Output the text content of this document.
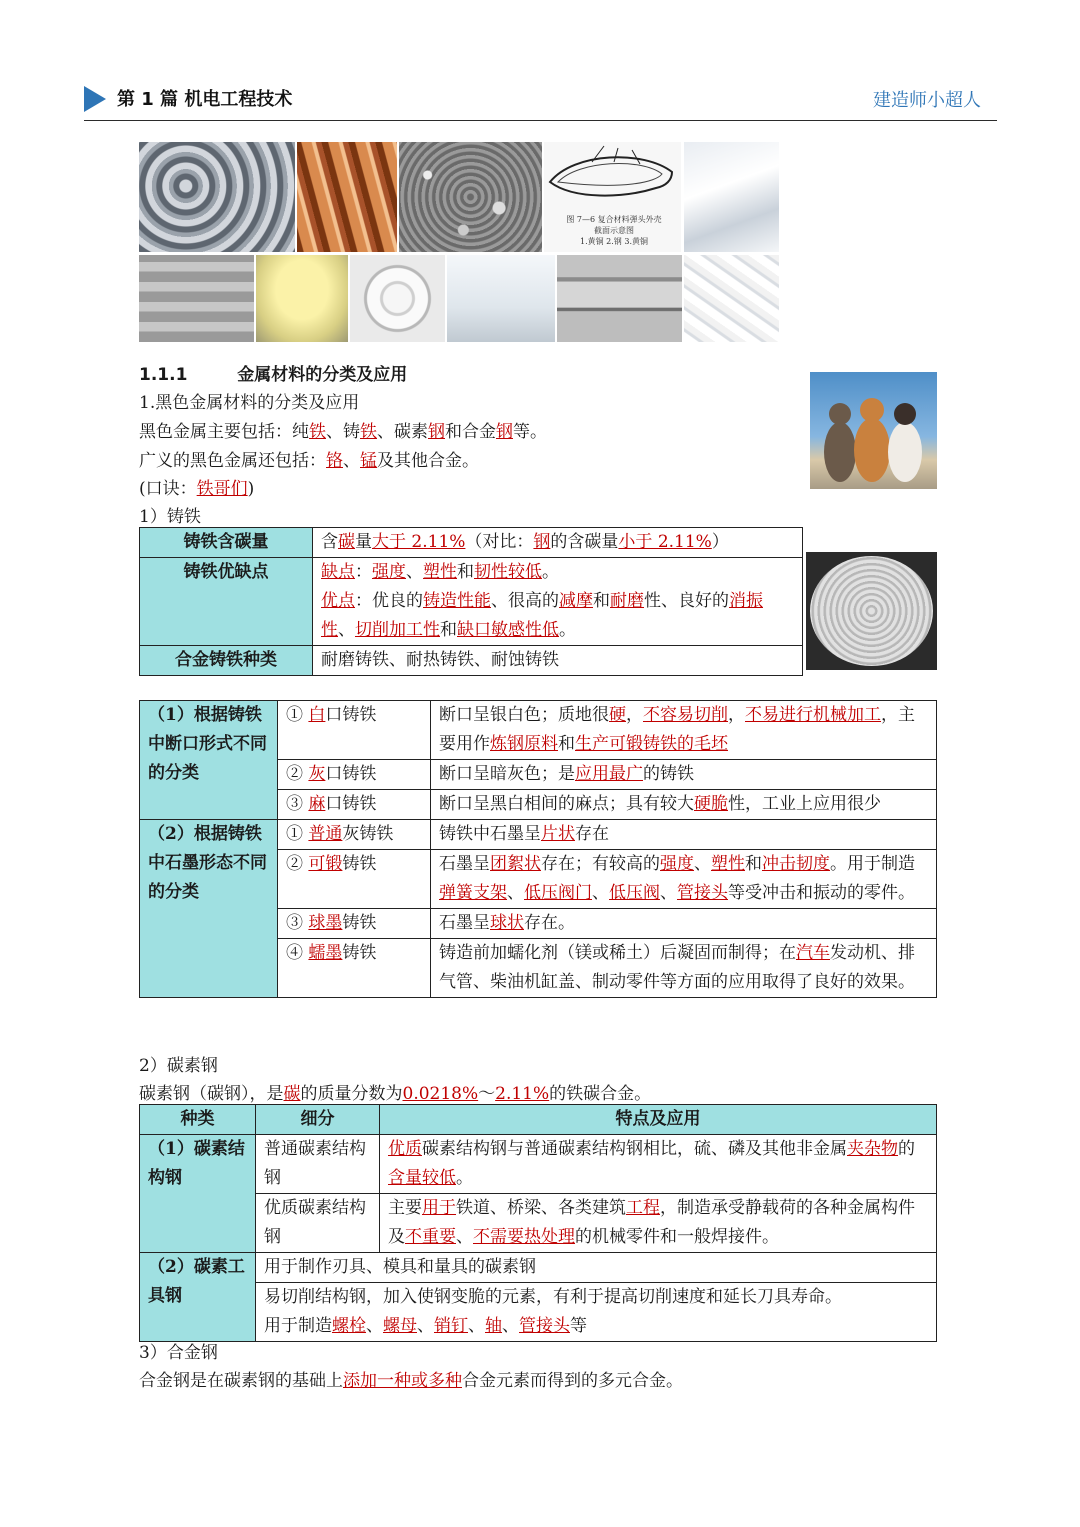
第 1 篇 机电工程技术	建造师小超人
图 7—6 复合材料弹头外壳
截面示意图
1.黄铜 2.钢 3.黄铜
1.1.1	金属材料的分类及应用
1.黑色金属材料的分类及应用
黑色金属主要包括：纯铁、铸铁、碳素钢和合金钢等。
广义的黑色金属还包括：铬、锰及其他合金。
(口诀：铁哥们)
1）铸铁
铸铁含碳量	含碳量大于 2.11%（对比：钢的含碳量小于 2.11%）
铸铁优缺点	缺点：强度、塑性和韧性较低。
优点：优良的铸造性能、很高的减摩和耐磨性、良好的消振性、切削加工性和缺口敏感性低。

合金铸铁种类	耐磨铸铁、耐热铸铁、耐蚀铸铁
（1）根据铸铁中断口形式不同的分类	① 白口铸铁	断口呈银白色；质地很硬，不容易切削，不易进行机械加工，主要用作炼钢原料和生产可锻铸铁的毛坯
	② 灰口铸铁	断口呈暗灰色；是应用最广的铸铁
	③ 麻口铸铁	断口呈黑白相间的麻点；具有较大硬脆性，工业上应用很少
（2）根据铸铁中石墨形态不同的分类	① 普通灰铸铁	铸铁中石墨呈片状存在
	② 可锻铸铁	石墨呈团絮状存在；有较高的强度、塑性和冲击韧度。用于制造弹簧支架、低压阀门、低压阀、管接头等受冲击和振动的零件。
	③ 球墨铸铁	石墨呈球状存在。
	④ 蠕墨铸铁	铸造前加蠕化剂（镁或稀土）后凝固而制得；在汽车发动机、排气管、柴油机缸盖、制动零件等方面的应用取得了良好的效果。
2）碳素钢
碳素钢（碳钢），是碳的质量分数为0.0218%～2.11%的铁碳合金。
种类	细分	特点及应用
（1）碳素结构钢	普通碳素结构钢	优质碳素结构钢与普通碳素结构钢相比，硫、磷及其他非金属夹杂物的含量较低。
	优质碳素结构钢	主要用于铁道、桥梁、各类建筑工程，制造承受静载荷的各种金属构件及不重要、不需要热处理的机械零件和一般焊接件。
（2）碳素工具钢	用于制作刃具、模具和量具的碳素钢	

	易切削结构钢，加入使钢变脆的元素，有利于提高切削速度和延长刀具寿命。
用于制造螺栓、螺母、销钉、轴、管接头等	
3）合金钢
合金钢是在碳素钢的基础上添加一种或多种合金元素而得到的多元合金。
